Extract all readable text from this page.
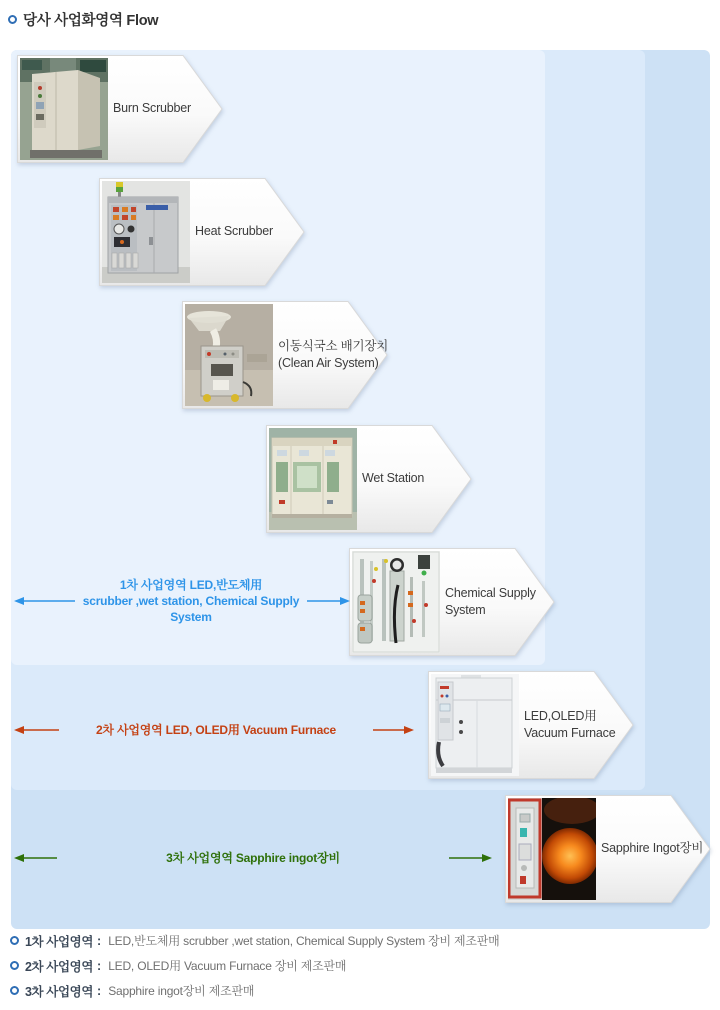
당사 사업화영역 Flow
Burn Scrubber
Heat Scrubber
이동식국소 배기장치
(Clean Air System)
Wet Station
Chemical Supply
System
LED,OLED用
Vacuum Furnace
Sapphire Ingot장비
1차 사업영역 LED,반도체用
scrubber ,wet station, Chemical Supply System
2차 사업영역 LED, OLED用 Vacuum Furnace
3차 사업영역 Sapphire ingot장비
1차 사업영역 : LED,반도체用 scrubber ,wet station, Chemical Supply System 장비 제조판매
2차 사업영역 : LED, OLED用 Vacuum Furnace 장비 제조판매
3차 사업영역 : Sapphire ingot장비 제조판매
